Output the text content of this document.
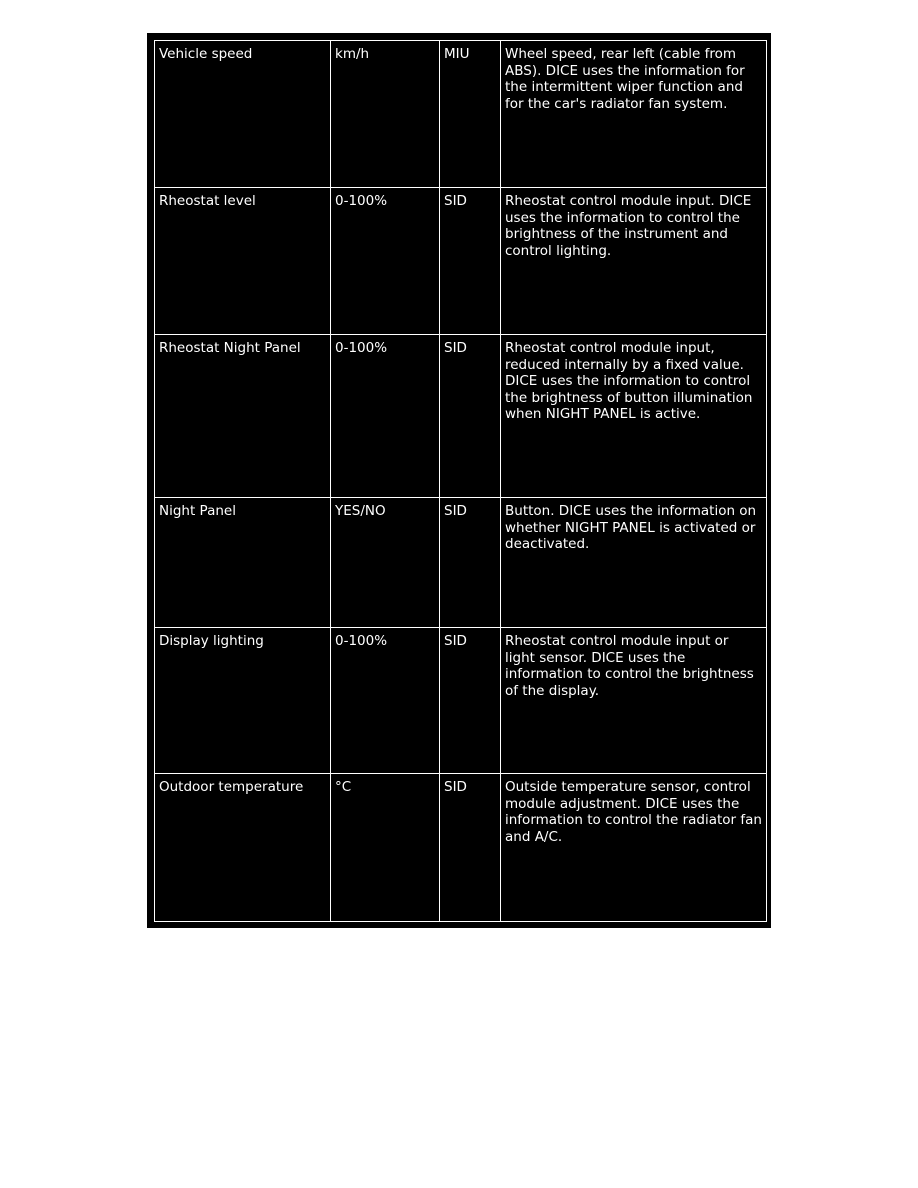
Vehicle speed	km/h	MIU	Wheel speed, rear left (cable from ABS). DICE uses the information for the intermittent wiper function and for the car's radiator fan system.
Rheostat level	0-100%	SID	Rheostat control module input. DICE uses the information to control the brightness of the instrument and control lighting.
Rheostat Night Panel	0-100%	SID	Rheostat control module input, reduced internally by a fixed value. DICE uses the information to control the brightness of button illumination when NIGHT PANEL is active.
Night Panel	YES/NO	SID	Button. DICE uses the information on whether NIGHT PANEL is activated or deactivated.
Display lighting	0-100%	SID	Rheostat control module input or light sensor. DICE uses the information to control the brightness of the display.
Outdoor temperature	°C	SID	Outside temperature sensor, control module adjustment. DICE uses the information to control the radiator fan and A/C.
